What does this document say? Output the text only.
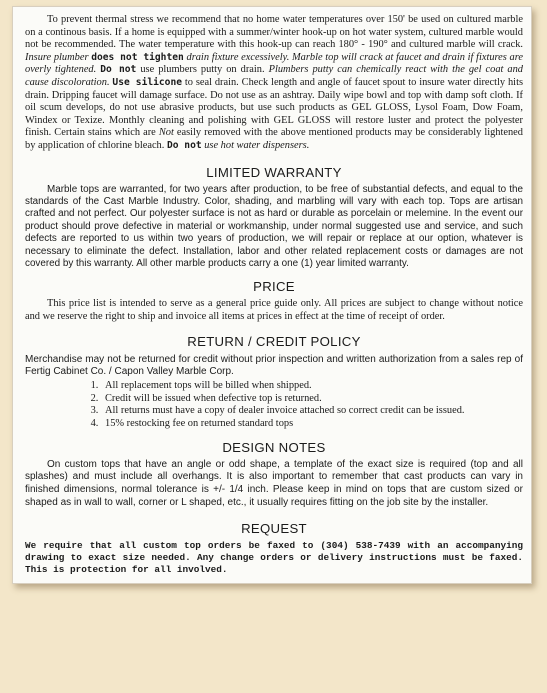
To prevent thermal stress we recommend that no home water temperatures over 150' be used on cultured marble on a continous basis. If a home is equipped with a summer/winter hook-up on hot water system, cultured marble would not be recommended. The water temperature with this hook-up can reach 180° - 190° and cultured marble will crack. Insure plumber does not tighten drain fixture excessively. Marble top will crack at faucet and drain if fixtures are overly tightened. Do not use plumbers putty on drain. Plumbers putty can chemically react with the gel coat and cause discoloration. Use silicone to seal drain. Check length and angle of faucet spout to insure water directly hits drain. Dripping faucet will damage surface. Do not use as an ashtray. Daily wipe bowl and top with damp soft cloth. If oil scum develops, do not use abrasive products, but use such products as GEL GLOSS, Lysol Foam, Dow Foam, Windex or Texize. Monthly cleaning and polishing with GEL GLOSS will restore luster and protect the polyester finish. Certain stains which are Not easily removed with the above mentioned products may be considerably lightened by application of chlorine bleach. Do not use hot water dispensers.

LIMITED WARRANTY

Marble tops are warranted, for two years after production, to be free of substantial defects, and equal to the standards of the Cast Marble Industry. Color, shading, and marbling will vary with each top. Tops are artisan crafted and not perfect. Our polyester surface is not as hard or durable as porcelain or melemine. In the event our product should prove defective in material or workmanship, under normal suggested use and service, and such defects are reported to us within two years of production, we will repair or replace at our option, whatever is necessary to eliminate the defect. Installation, labor and other related replacement costs or damages are not covered by this warranty. All other marble products carry a one (1) year limited warranty.

PRICE

This price list is intended to serve as a general price guide only. All prices are subject to change without notice and we reserve the right to ship and invoice all items at prices in effect at the time of receipt of order.

RETURN / CREDIT POLICY

Merchandise may not be returned for credit without prior inspection and written authorization from a sales rep of Fertig Cabinet Co. / Capon Valley Marble Corp.

1. All replacement tops will be billed when shipped.
2. Credit will be issued when defective top is returned.
3. All returns must have a copy of dealer invoice attached so correct credit can be issued.
4. 15% restocking fee on returned standard tops
DESIGN NOTES

On custom tops that have an angle or odd shape, a template of the exact size is required (top and all splashes) and must include all overhangs. It is also important to remember that cast products can vary in finished dimensions, normal tolerance is +/- 1/4 inch. Please keep in mind on tops that are custom sized or shaped as in wall to wall, corner or L shaped, etc., it usually requires fitting on the job site by the installer.

REQUEST

We require that all custom top orders be faxed to (304) 538-7439 with an accompanying drawing to exact size needed. Any change orders or delivery instructions must be faxed. This is protection for all involved.
